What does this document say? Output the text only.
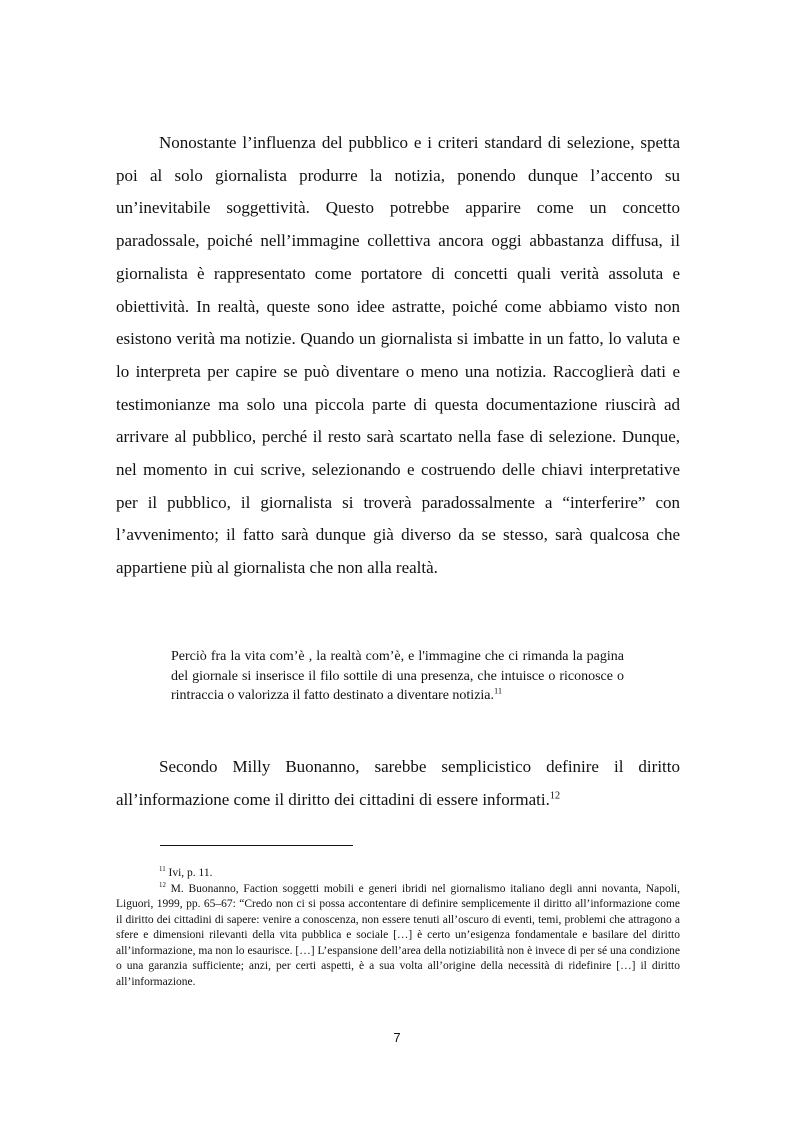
Nonostante l’influenza del pubblico e i criteri standard di selezione, spetta poi al solo giornalista produrre la notizia, ponendo dunque l’accento su un’inevitabile soggettività. Questo potrebbe apparire come un concetto paradossale, poiché nell’immagine collettiva ancora oggi abbastanza diffusa, il giornalista è rappresentato come portatore di concetti quali verità assoluta e obiettività. In realtà, queste sono idee astratte, poiché come abbiamo visto non esistono verità ma notizie. Quando un giornalista si imbatte in un fatto, lo valuta e lo interpreta per capire se può diventare o meno una notizia. Raccoglierà dati e testimonianze ma solo una piccola parte di questa documentazione riuscirà ad arrivare al pubblico, perché il resto sarà scartato nella fase di selezione. Dunque, nel momento in cui scrive, selezionando e costruendo delle chiavi interpretative per il pubblico, il giornalista si troverà paradossalmente a “interferire” con l’avvenimento; il fatto sarà dunque già diverso da se stesso, sarà qualcosa che appartiene più al giornalista che non alla realtà.

Perciò fra la vita com’è , la realtà com’è, e l'immagine che ci rimanda la pagina del giornale si inserisce il filo sottile di una presenza, che intuisce o riconosce o rintraccia o valorizza il fatto destinato a diventare notizia.$^{11}$

Secondo Milly Buonanno, sarebbe semplicistico definire il diritto all’informazione come il diritto dei cittadini di essere informati.$^{12}$

$^{11}$ Ivi, p. 11.

$^{12}$ M. Buonanno, Faction soggetti mobili e generi ibridi nel giornalismo italiano degli anni novanta, Napoli, Liguori, 1999, pp. 65–67: “Credo non ci si possa accontentare di definire semplicemente il diritto all’informazione come il diritto dei cittadini di sapere: venire a conoscenza, non essere tenuti all’oscuro di eventi, temi, problemi che attragono a sfere e dimensioni rilevanti della vita pubblica e sociale […] è certo un’esigenza fondamentale e basilare del diritto all’informazione, ma non lo esaurisce. […] L’espansione dell’area della notiziabilità non è invece di per sé una condizione o una garanzia sufficiente; anzi, per certi aspetti, è a sua volta all’origine della necessità di ridefinire […] il diritto all’informazione.

7
